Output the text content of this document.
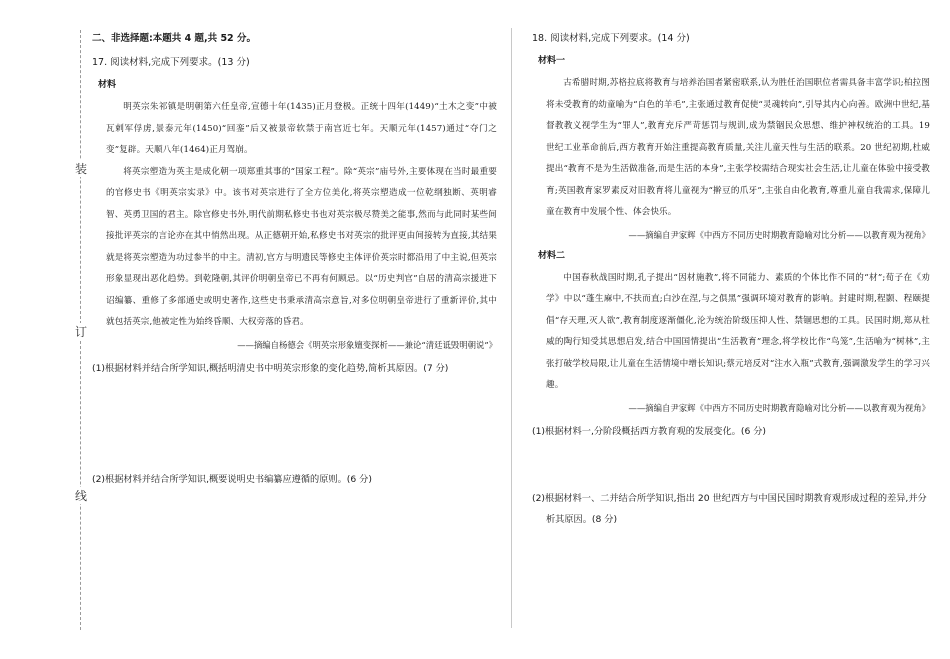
装
订
线
二、非选择题:本题共 4 题,共 52 分。
17. 阅读材料,完成下列要求。(13 分)
材料

明英宗朱祁镇是明朝第六任皇帝,宣德十年(1435)正月登极。正统十四年(1449)“土木之变”中被瓦剌军俘虏,景泰元年(1450)“回銮”后又被景帝软禁于南宫近七年。天顺元年(1457)通过“夺门之变”复辟。天顺八年(1464)正月驾崩。

将英宗塑造为英主是成化朝一项郑重其事的“国家工程”。除“英宗”庙号外,主要体现在当时最重要的官修史书《明英宗实录》中。该书对英宗进行了全方位美化,将英宗塑造成一位乾纲独断、英明睿智、英勇卫国的君主。除官修史书外,明代前期私修史书也对英宗极尽赞美之能事,然而与此同时某些间接批评英宗的言论亦在其中悄然出现。从正德朝开始,私修史书对英宗的批评更由间接转为直接,其结果就是将英宗塑造为功过参半的中主。清初,官方与明遗民等修史主体评价英宗时都沿用了中主说,但英宗形象显现出恶化趋势。到乾隆朝,其评价明朝皇帝已不再有何顾忌。以“历史判官”自居的清高宗援进下诏编纂、重修了多部通史或明史著作,这些史书秉承清高宗意旨,对多位明朝皇帝进行了重新评价,其中就包括英宗,他被定性为始终昏顺、大权旁落的昏君。

——摘编自杨德会《明英宗形象嬗变探析——兼论“清廷诋毁明朝说”》
(1)根据材料并结合所学知识,概括明清史书中明英宗形象的变化趋势,简析其原因。(7 分)
(2)根据材料并结合所学知识,概要说明史书编纂应遵循的原则。(6 分)
18. 阅读材料,完成下列要求。(14 分)
材料一

古希腊时期,苏格拉底将教育与培养治国者紧密联系,认为胜任治国职位者需具备丰富学识;柏拉图将未受教育的幼童喻为“白色的羊毛”,主张通过教育促使“灵魂转向”,引导其内心向善。欧洲中世纪,基督教教义视学生为“罪人”,教育充斥严苛惩罚与规训,成为禁锢民众思想、维护神权统治的工具。19 世纪工业革命前后,西方教育开始注重提高教育质量,关注儿童天性与生活的联系。20 世纪初期,杜威提出“教育不是为生活做准备,而是生活的本身”,主张学校需结合现实社会生活,让儿童在体验中接受教育;英国教育家罗素反对旧教育将儿童视为“擀豆的爪牙”,主张自由化教育,尊重儿童自我需求,保障儿童在教育中发展个性、体会快乐。

——摘编自尹家辉《中西方不同历史时期教育隐喻对比分析——以教育观为视角》
材料二

中国春秋战国时期,孔子提出“因材施教”,将不同能力、素质的个体比作不同的“材”;荀子在《劝学》中以“蓬生麻中,不扶而直;白沙在涅,与之俱黑”强调环境对教育的影响。封建时期,程颢、程颐提倡“存天理,灭人欲”,教育制度逐渐僵化,沦为统治阶级压抑人性、禁锢思想的工具。民国时期,郑从杜威的陶行知受其思想启发,结合中国国情提出“生活教育”理念,将学校比作“鸟笼”,生活喻为“树林”,主张打破学校局限,让儿童在生活情境中增长知识;蔡元培反对“注水入瓶”式教育,强调激发学生的学习兴趣。

——摘编自尹家辉《中西方不同历史时期教育隐喻对比分析——以教育观为视角》
(1)根据材料一,分阶段概括西方教育观的发展变化。(6 分)
(2)根据材料一、二并结合所学知识,指出 20 世纪西方与中国民国时期教育观形成过程的差异,并分析其原因。(8 分)
